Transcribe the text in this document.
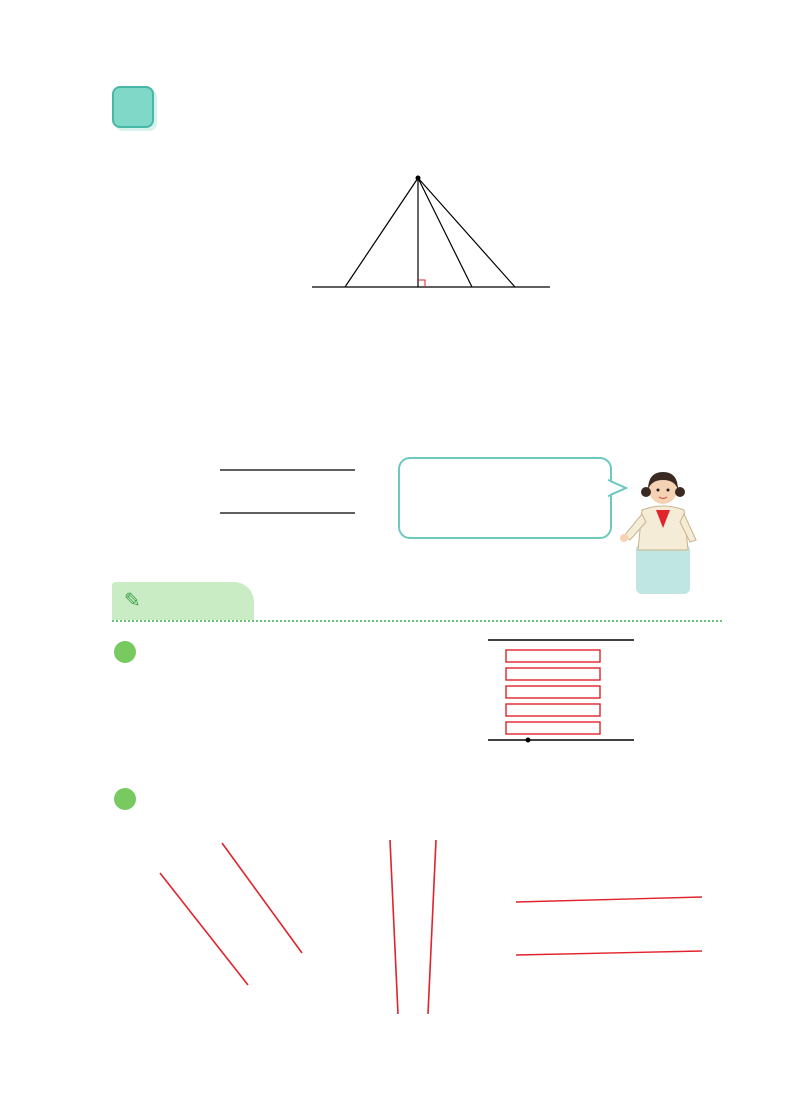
✎
